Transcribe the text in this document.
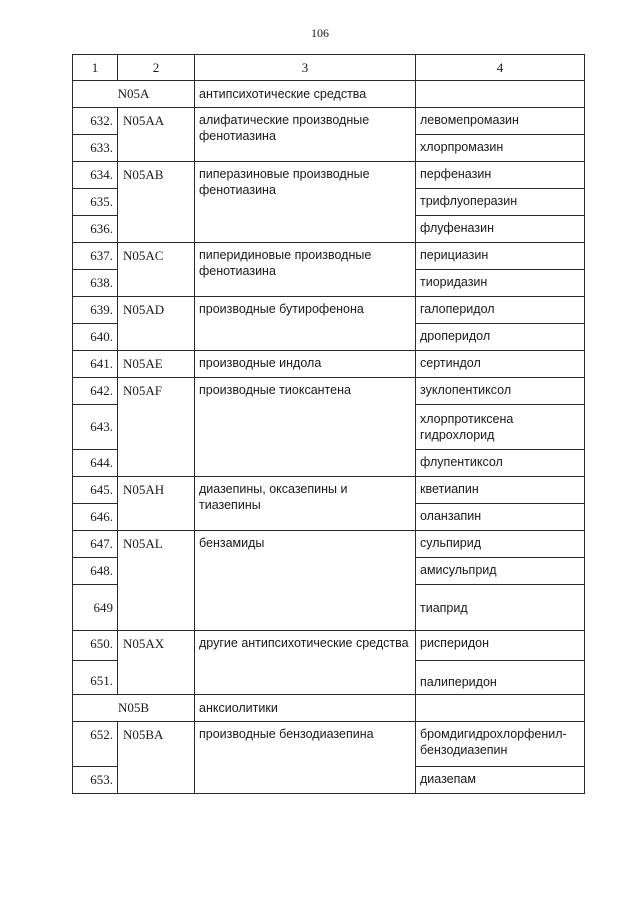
106
1	2	3	4
N05A		антипсихотические средства	
632.	N05AA	алифатические производные фенотиазина	левомепромазин
633.			хлорпромазин
634.	N05AB	пиперазиновые производные фенотиазина	перфеназин
635.			трифлуоперазин
636.			флуфеназин
637.	N05AC	пиперидиновые производные фенотиазина	перициазин
638.			тиоридазин
639.	N05AD	производные бутирофенона	галоперидол
640.			дроперидол
641.	N05AE	производные индола	сертиндол
642.	N05AF	производные тиоксантена	зуклопентиксол
643.			хлорпротиксена гидрохлорид
644.			флупентиксол
645.	N05AH	диазепины, оксазепины и тиазепины	кветиапин
646.			оланзапин
647.	N05AL	бензамиды	сульпирид
648.			амисульприд
649			тиаприд
650.	N05AX	другие антипсихотические средства	рисперидон
651.			палиперидон
N05B		анксиолитики	
652.	N05BA	производные бензодиазепина	бромдигидрохлорфенил-бензодиазепин
653.			диазепам
